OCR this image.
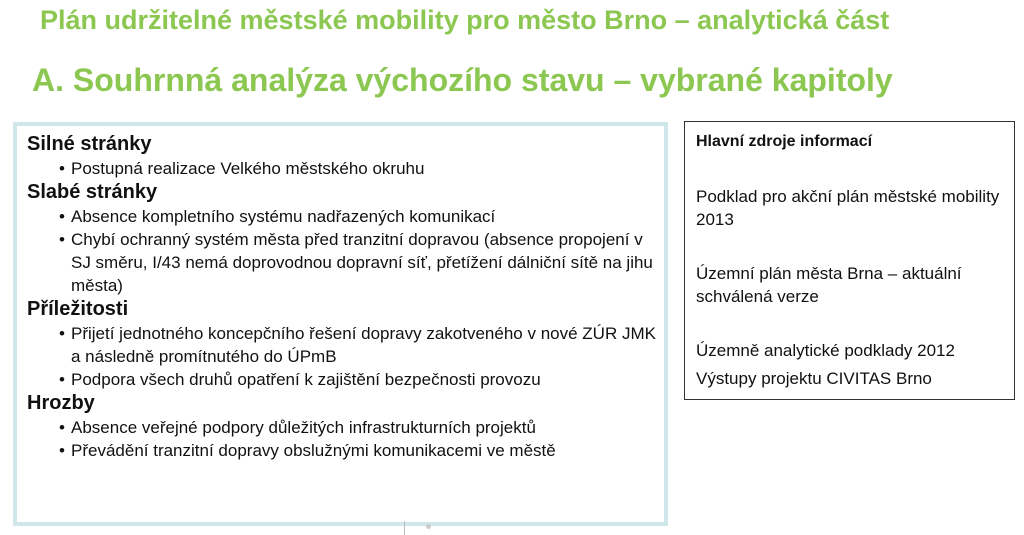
Plán udržitelné městské mobility pro město Brno – analytická část
A. Souhrnná analýza výchozího stavu – vybrané kapitoly
Silné stránky
• Postupná realizace Velkého městského okruhu
Slabé stránky
• Absence kompletního systému nadřazených komunikací
• Chybí ochranný systém města před tranzitní dopravou (absence propojení v SJ směru, I/43 nemá doprovodnou dopravní síť, přetížení dálniční sítě na jihu města)
Příležitosti
• Přijetí jednotného koncepčního řešení dopravy zakotveného v nové ZÚR JMK a následně promítnutého do ÚPmB
• Podpora všech druhů opatření k zajištění bezpečnosti provozu
Hrozby
• Absence veřejné podpory důležitých infrastrukturních projektů
• Převádění tranzitní dopravy obslužnými komunikacemi ve městě
Hlavní zdroje informací
Podklad pro akční plán městské mobility 2013
Územní plán města Brna – aktuální schválená verze
Územně analytické podklady 2012
Výstupy projektu CIVITAS Brno
